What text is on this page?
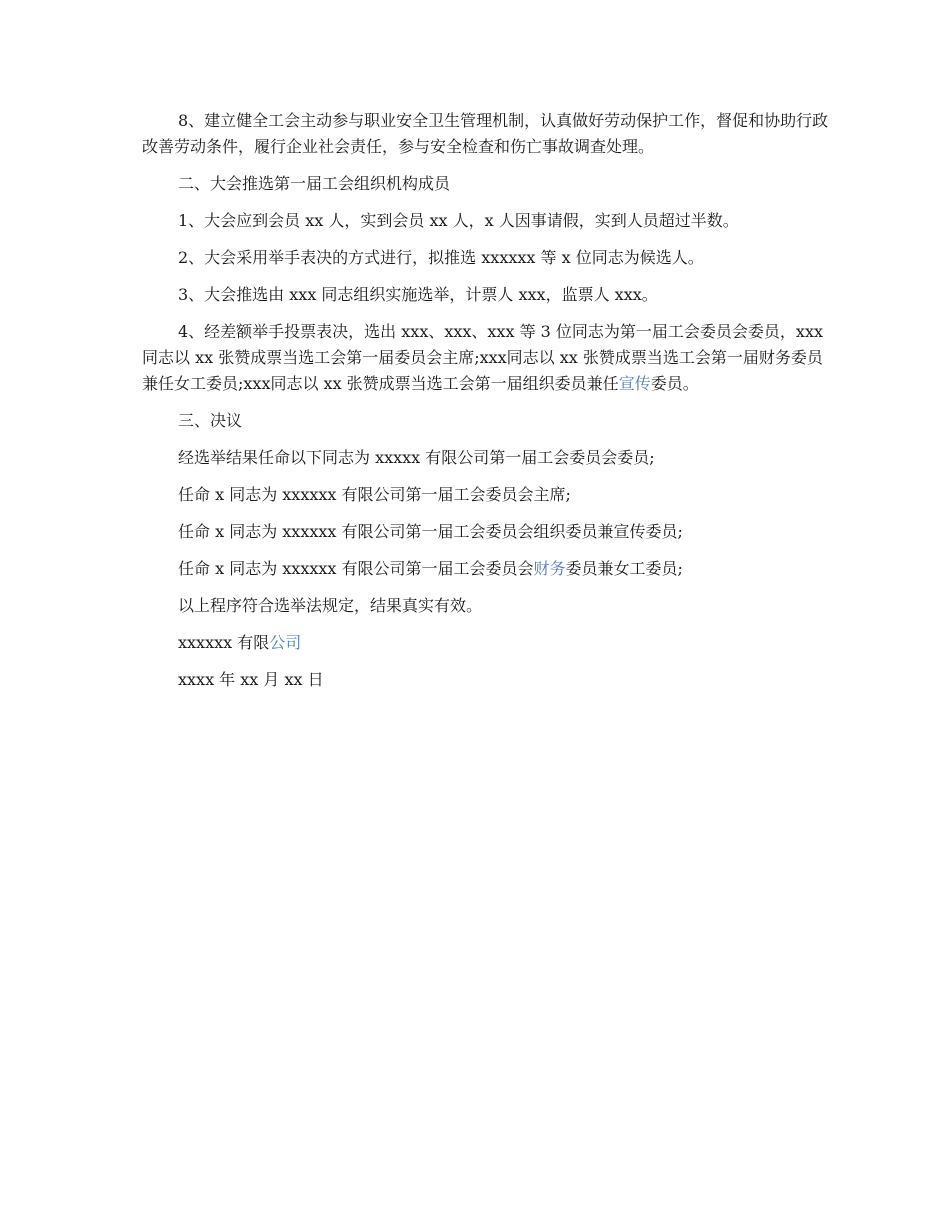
8、建立健全工会主动参与职业安全卫生管理机制，认真做好劳动保护工作，督促和协助行政改善劳动条件，履行企业社会责任，参与安全检查和伤亡事故调查处理。

二、大会推选第一届工会组织机构成员

1、大会应到会员 xx 人，实到会员 xx 人，x 人因事请假，实到人员超过半数。

2、大会采用举手表决的方式进行，拟推选 xxxxxx 等 x 位同志为候选人。

3、大会推选由 xxx 同志组织实施选举，计票人 xxx，监票人 xxx。

4、经差额举手投票表决，选出 xxx、xxx、xxx 等 3 位同志为第一届工会委员会委员，xxx 同志以 xx 张赞成票当选工会第一届委员会主席;xxx同志以 xx 张赞成票当选工会第一届财务委员兼任女工委员;xxx同志以 xx 张赞成票当选工会第一届组织委员兼任宣传委员。

三、决议

经选举结果任命以下同志为 xxxxx 有限公司第一届工会委员会委员;

任命 x 同志为 xxxxxx 有限公司第一届工会委员会主席;

任命 x 同志为 xxxxxx 有限公司第一届工会委员会组织委员兼宣传委员;

任命 x 同志为 xxxxxx 有限公司第一届工会委员会财务委员兼女工委员;

以上程序符合选举法规定，结果真实有效。

xxxxxx 有限公司

xxxx 年 xx 月 xx 日
